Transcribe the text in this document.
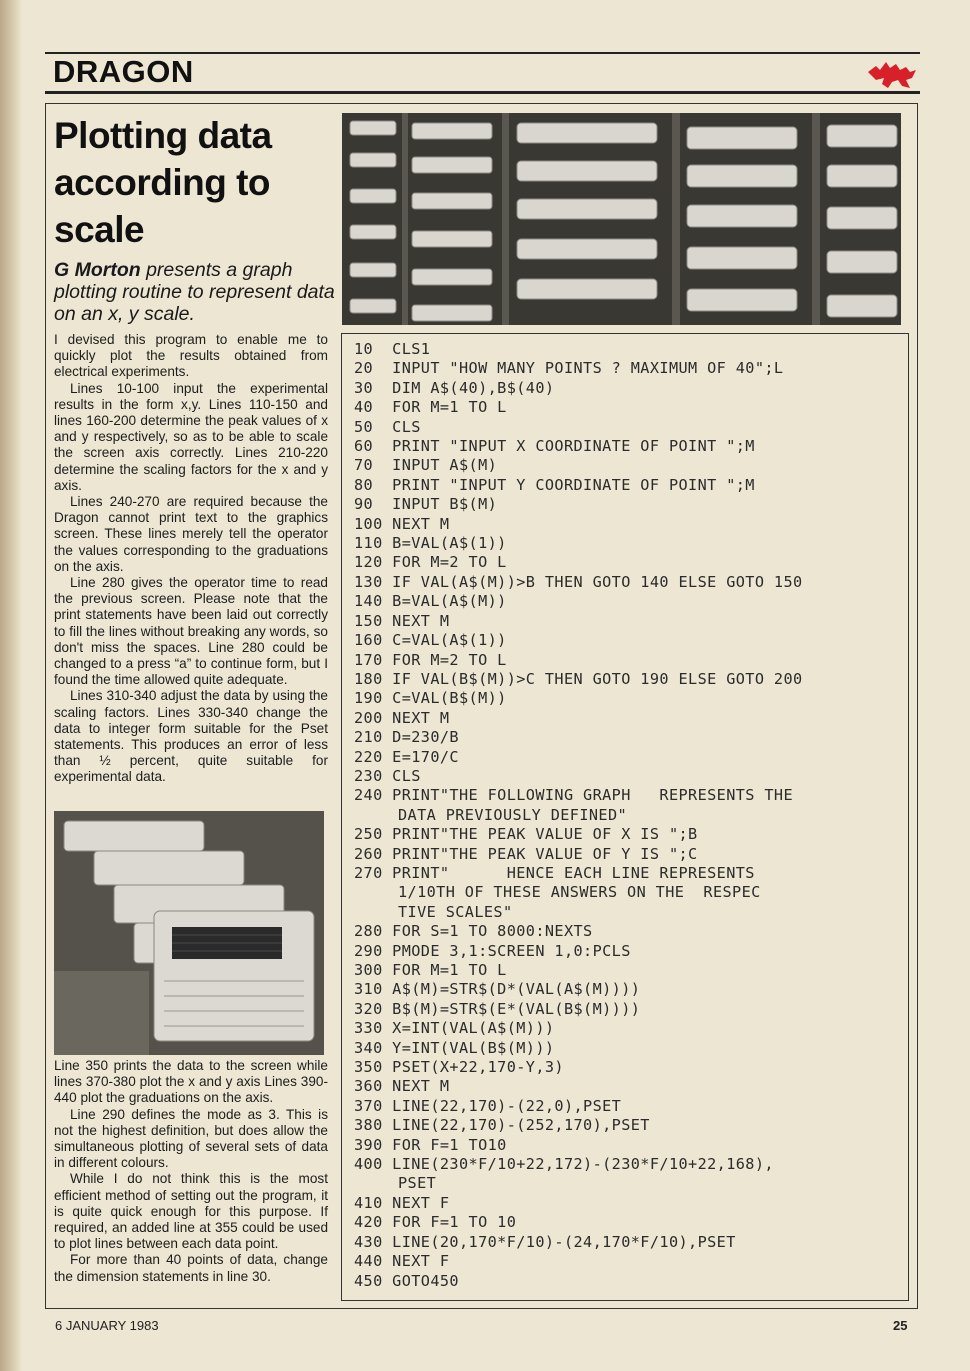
DRAGON
Plotting data according to scale
G Morton presents a graph plotting routine to represent data on an x, y scale.

I devised this program to enable me to quickly plot the results obtained from electrical experiments.

Lines 10-100 input the experimental results in the form x,y. Lines 110-150 and lines 160-200 determine the peak values of x and y respectively, so as to be able to scale the screen axis correctly. Lines 210-220 determine the scaling factors for the x and y axis.

Lines 240-270 are required because the Dragon cannot print text to the graphics screen. These lines merely tell the operator the values corresponding to the graduations on the axis.

Line 280 gives the operator time to read the previous screen. Please note that the print statements have been laid out correctly to fill the lines without breaking any words, so don't miss the spaces. Line 280 could be changed to a press “a” to continue form, but I found the time allowed quite adequate.

Lines 310-340 adjust the data by using the scaling factors. Lines 330-340 change the data to integer form suitable for the Pset statements. This produces an error of less than ½ percent, quite suitable for experimental data.

Line 350 prints the data to the screen while lines 370-380 plot the x and y axis Lines 390-440 plot the graduations on the axis.

Line 290 defines the mode as 3. This is not the highest definition, but does allow the simultaneous plotting of several sets of data in different colours.

While I do not think this is the most efficient method of setting out the program, it is quite quick enough for this purpose. If required, an added line at 355 could be used to plot lines between each data point.

For more than 40 points of data, change the dimension statements in line 30.

10  CLS1
20  INPUT "HOW MANY POINTS ? MAXIMUM OF 40";L
30  DIM A$(40),B$(40)
40  FOR M=1 TO L
50  CLS
60  PRINT "INPUT X COORDINATE OF POINT ";M
70  INPUT A$(M)
80  PRINT "INPUT Y COORDINATE OF POINT ";M
90  INPUT B$(M)
100 NEXT M
110 B=VAL(A$(1))
120 FOR M=2 TO L
130 IF VAL(A$(M))>B THEN GOTO 140 ELSE GOTO 150
140 B=VAL(A$(M))
150 NEXT M
160 C=VAL(A$(1))
170 FOR M=2 TO L
180 IF VAL(B$(M))>C THEN GOTO 190 ELSE GOTO 200
190 C=VAL(B$(M))
200 NEXT M
210 D=230/B
220 E=170/C
230 CLS
240 PRINT"THE FOLLOWING GRAPH   REPRESENTS THE
DATA PREVIOUSLY DEFINED"
250 PRINT"THE PEAK VALUE OF X IS ";B
260 PRINT"THE PEAK VALUE OF Y IS ";C
270 PRINT"      HENCE EACH LINE REPRESENTS
1/10TH OF THESE ANSWERS ON THE  RESPEC
TIVE SCALES"
280 FOR S=1 TO 8000:NEXTS
290 PMODE 3,1:SCREEN 1,0:PCLS
300 FOR M=1 TO L
310 A$(M)=STR$(D*(VAL(A$(M))))
320 B$(M)=STR$(E*(VAL(B$(M))))
330 X=INT(VAL(A$(M)))
340 Y=INT(VAL(B$(M)))
350 PSET(X+22,170-Y,3)
360 NEXT M
370 LINE(22,170)-(22,0),PSET
380 LINE(22,170)-(252,170),PSET
390 FOR F=1 TO10
400 LINE(230*F/10+22,172)-(230*F/10+22,168),
PSET
410 NEXT F
420 FOR F=1 TO 10
430 LINE(20,170*F/10)-(24,170*F/10),PSET
440 NEXT F
450 GOTO450
6 JANUARY 1983	25
